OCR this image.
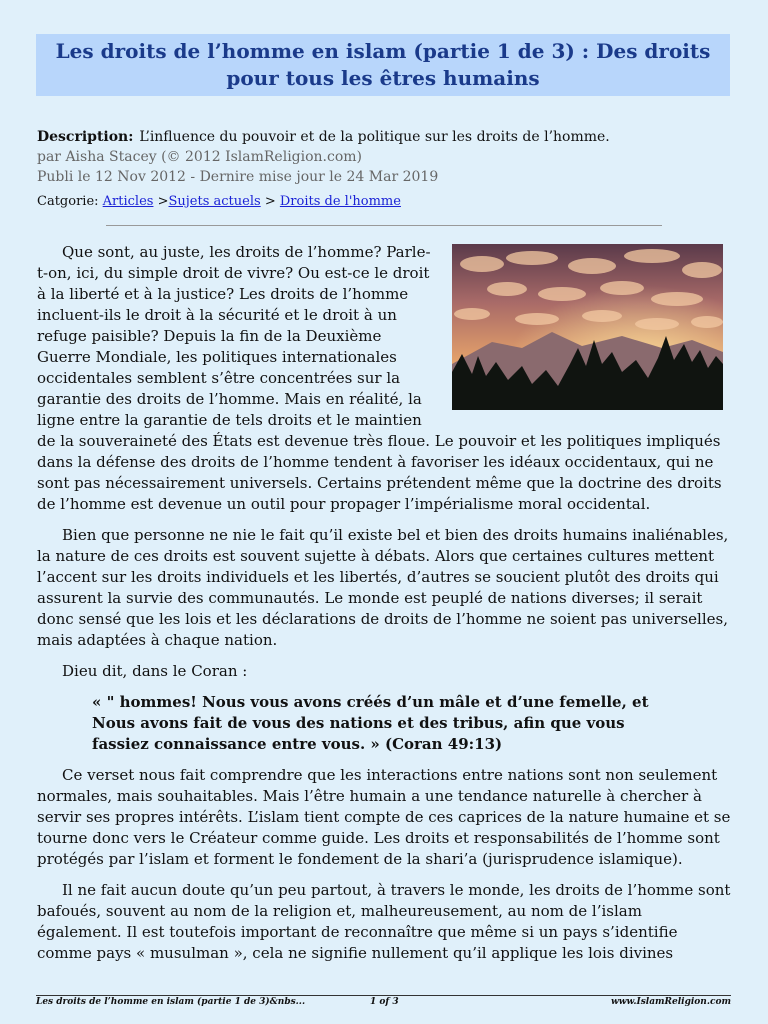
Les droits de l’homme en islam (partie 1 de 3) : Des droits pour tous les êtres humains
Description: L’influence du pouvoir et de la politique sur les droits de l’homme.
par Aisha Stacey (© 2012 IslamReligion.com)
Publi le 12 Nov 2012 - Dernire mise jour le 24 Mar 2019
Catgorie: Articles >Sujets actuels > Droits de l'homme

Que sont, au juste, les droits de l’homme? Parle-t-on, ici, du simple droit de vivre? Ou est-ce le droit à la liberté et à la justice? Les droits de l’homme incluent-ils le droit à la sécurité et le droit à un refuge paisible? Depuis la fin de la Deuxième Guerre Mondiale, les politiques internationales occidentales semblent s’être concentrées sur la garantie des droits de l’homme. Mais en réalité, la ligne entre la garantie de tels droits et le maintien de la souveraineté des États est devenue très floue. Le pouvoir et les politiques impliqués dans la défense des droits de l’homme tendent à favoriser les idéaux occidentaux, qui ne sont pas nécessairement universels. Certains prétendent même que la doctrine des droits de l’homme est devenue un outil pour propager l’impérialisme moral occidental.

Bien que personne ne nie le fait qu’il existe bel et bien des droits humains inaliénables, la nature de ces droits est souvent sujette à débats. Alors que certaines cultures mettent l’accent sur les droits individuels et les libertés, d’autres se soucient plutôt des droits qui assurent la survie des communautés. Le monde est peuplé de nations diverses; il serait donc sensé que les lois et les déclarations de droits de l’homme ne soient pas universelles, mais adaptées à chaque nation.

Dieu dit, dans le Coran :

« " hommes! Nous vous avons créés d’un mâle et d’une femelle, et Nous avons fait de vous des nations et des tribus, afin que vous fassiez connaissance entre vous. » (Coran 49:13)

Ce verset nous fait comprendre que les interactions entre nations sont non seulement normales, mais souhaitables. Mais l’être humain a une tendance naturelle à chercher à servir ses propres intérêts. L’islam tient compte de ces caprices de la nature humaine et se tourne donc vers le Créateur comme guide. Les droits et responsabilités de l’homme sont protégés par l’islam et forment le fondement de la shari’a (jurisprudence islamique).

Il ne fait aucun doute qu’un peu partout, à travers le monde, les droits de l’homme sont bafoués, souvent au nom de la religion et, malheureusement, au nom de l’islam également. Il est toutefois important de reconnaître que même si un pays s’identifie comme pays « musulman », cela ne signifie nullement qu’il applique les lois divines

Les droits de l’homme en islam (partie 1 de 3)&nbs...	1 of 3	www.IslamReligion.com
